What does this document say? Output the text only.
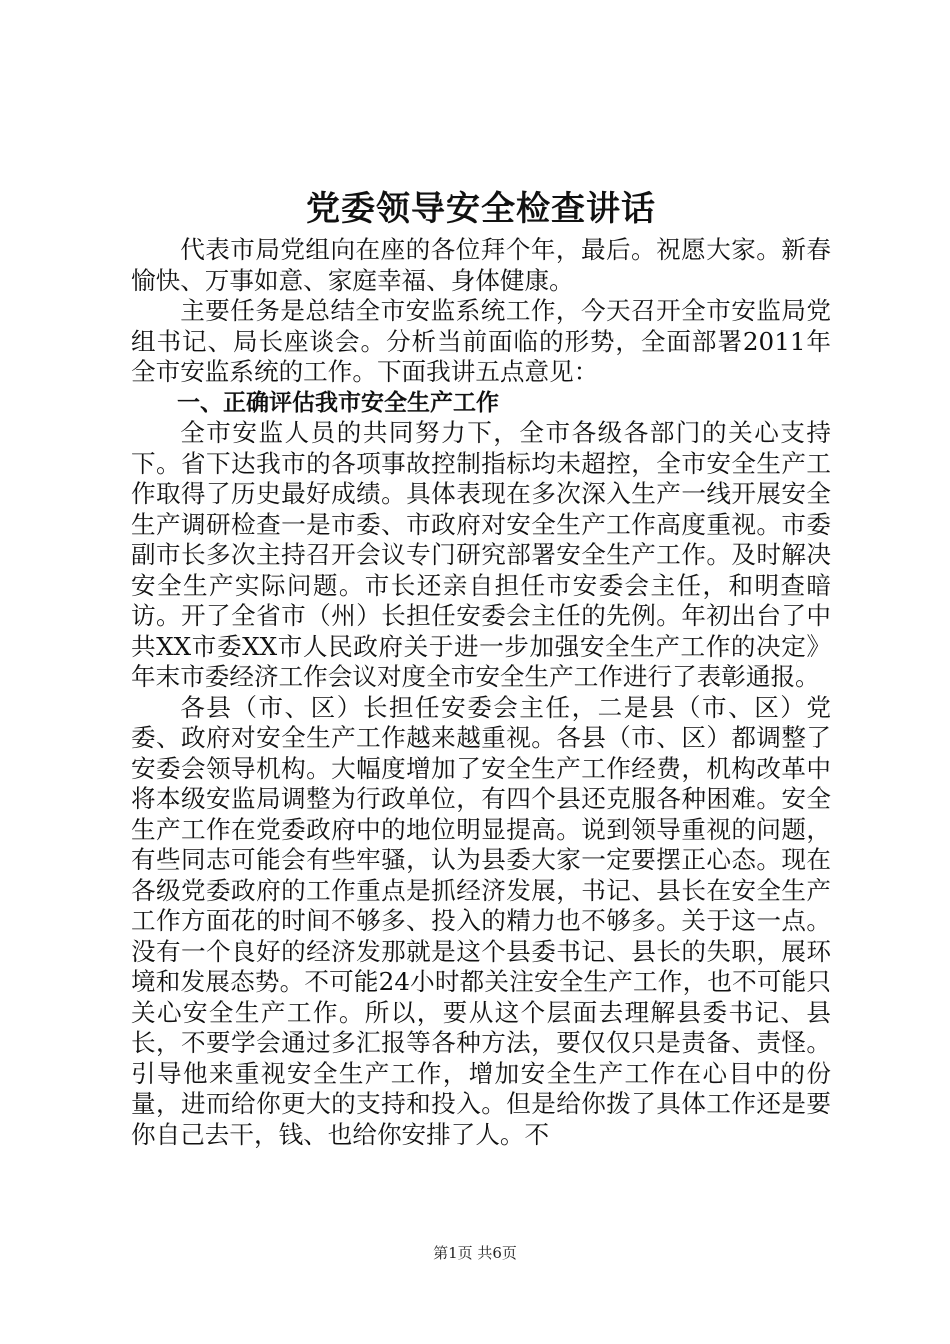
党委领导安全检查讲话

代表市局党组向在座的各位拜个年，最后。祝愿大家。新春愉快、万事如意、家庭幸福、身体健康。

主要任务是总结全市安监系统工作，今天召开全市安监局党组书记、局长座谈会。分析当前面临的形势，全面部署2011年全市安监系统的工作。下面我讲五点意见：

一、正确评估我市安全生产工作

全市安监人员的共同努力下，全市各级各部门的关心支持下。省下达我市的各项事故控制指标均未超控，全市安全生产工作取得了历史最好成绩。具体表现在多次深入生产一线开展安全生产调研检查一是市委、市政府对安全生产工作高度重视。市委副市长多次主持召开会议专门研究部署安全生产工作。及时解决安全生产实际问题。市长还亲自担任市安委会主任，和明查暗访。开了全省市（州）长担任安委会主任的先例。年初出台了中共XX市委XX市人民政府关于进一步加强安全生产工作的决定》年末市委经济工作会议对度全市安全生产工作进行了表彰通报。

各县（市、区）长担任安委会主任，二是县（市、区）党委、政府对安全生产工作越来越重视。各县（市、区）都调整了安委会领导机构。大幅度增加了安全生产工作经费，机构改革中将本级安监局调整为行政单位，有四个县还克服各种困难。安全生产工作在党委政府中的地位明显提高。说到领导重视的问题，有些同志可能会有些牢骚，认为县委大家一定要摆正心态。现在各级党委政府的工作重点是抓经济发展，书记、县长在安全生产工作方面花的时间不够多、投入的精力也不够多。关于这一点。没有一个良好的经济发那就是这个县委书记、县长的失职，展环境和发展态势。不可能24小时都关注安全生产工作，也不可能只关心安全生产工作。所以，要从这个层面去理解县委书记、县长，不要学会通过多汇报等各种方法，要仅仅只是责备、责怪。引导他来重视安全生产工作，增加安全生产工作在心目中的份量，进而给你更大的支持和投入。但是给你拨了具体工作还是要你自己去干，钱、也给你安排了人。不

第1页 共6页
